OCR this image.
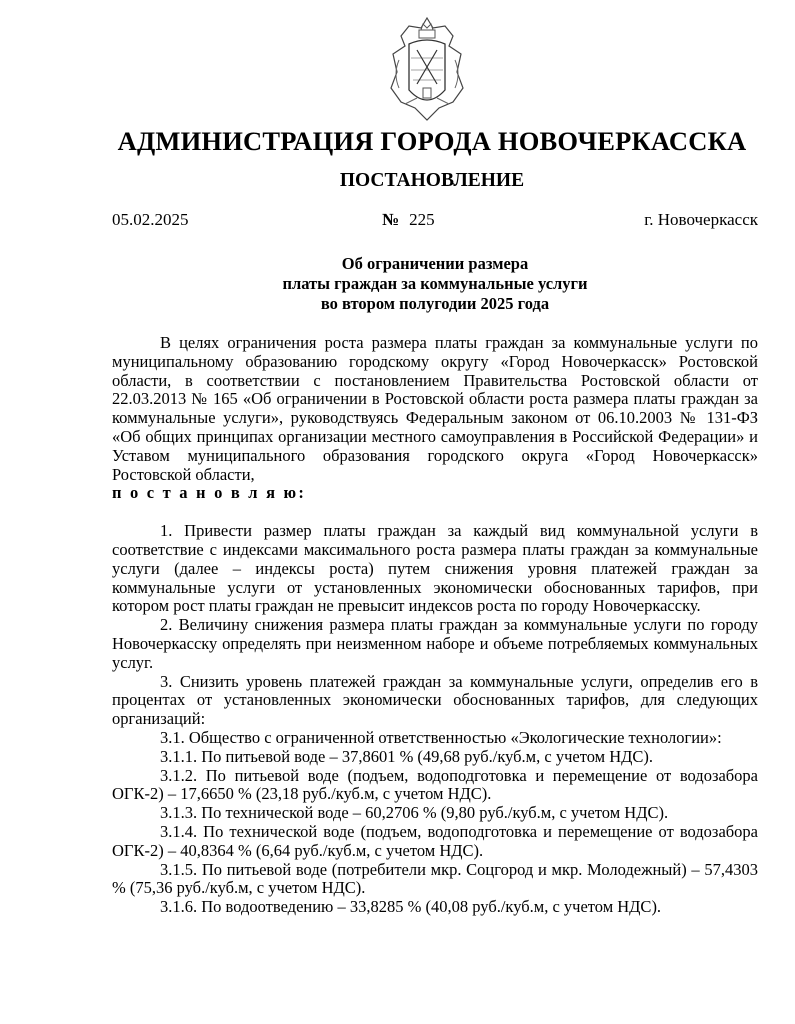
АДМИНИСТРАЦИЯ ГОРОДА НОВОЧЕРКАССКА
ПОСТАНОВЛЕНИЕ
05.02.2025	№ 225	г. Новочеркасск
Об ограничении размера
платы граждан за коммунальные услуги
во втором полугодии 2025 года

В целях ограничения роста размера платы граждан за коммунальные услуги по муниципальному образованию городскому округу «Город Новочеркасск» Ростовской области, в соответствии с постановлением Правительства Ростовской области от 22.03.2013 № 165 «Об ограничении в Ростовской области роста размера платы граждан за коммунальные услуги», руководствуясь Федеральным законом от 06.10.2003 № 131-ФЗ «Об общих принципах организации местного самоуправления в Российской Федерации» и Уставом муниципального образования городского округа «Город Новочеркасск» Ростовской области,

п о с т а н о в л я ю:

1. Привести размер платы граждан за каждый вид коммунальной услуги в соответствие с индексами максимального роста размера платы граждан за коммунальные услуги (далее – индексы роста) путем снижения уровня платежей граждан за коммунальные услуги от установленных экономически обоснованных тарифов, при котором рост платы граждан не превысит индексов роста по городу Новочеркасску.

2. Величину снижения размера платы граждан за коммунальные услуги по городу Новочеркасску определять при неизменном наборе и объеме потребляемых коммунальных услуг.

3. Снизить уровень платежей граждан за коммунальные услуги, определив его в процентах от установленных экономически обоснованных тарифов, для следующих организаций:

3.1. Общество с ограниченной ответственностью «Экологические технологии»:

3.1.1. По питьевой воде – 37,8601 % (49,68 руб./куб.м, с учетом НДС).

3.1.2. По питьевой воде (подъем, водоподготовка и перемещение от водозабора ОГК-2) – 17,6650 % (23,18 руб./куб.м, с учетом НДС).

3.1.3. По технической воде – 60,2706 % (9,80 руб./куб.м, с учетом НДС).

3.1.4. По технической воде (подъем, водоподготовка и перемещение от водозабора ОГК-2) – 40,8364 % (6,64 руб./куб.м, с учетом НДС).

3.1.5. По питьевой воде (потребители мкр. Соцгород и мкр. Молодежный) – 57,4303 % (75,36 руб./куб.м, с учетом НДС).

3.1.6. По водоотведению – 33,8285 % (40,08 руб./куб.м, с учетом НДС).
